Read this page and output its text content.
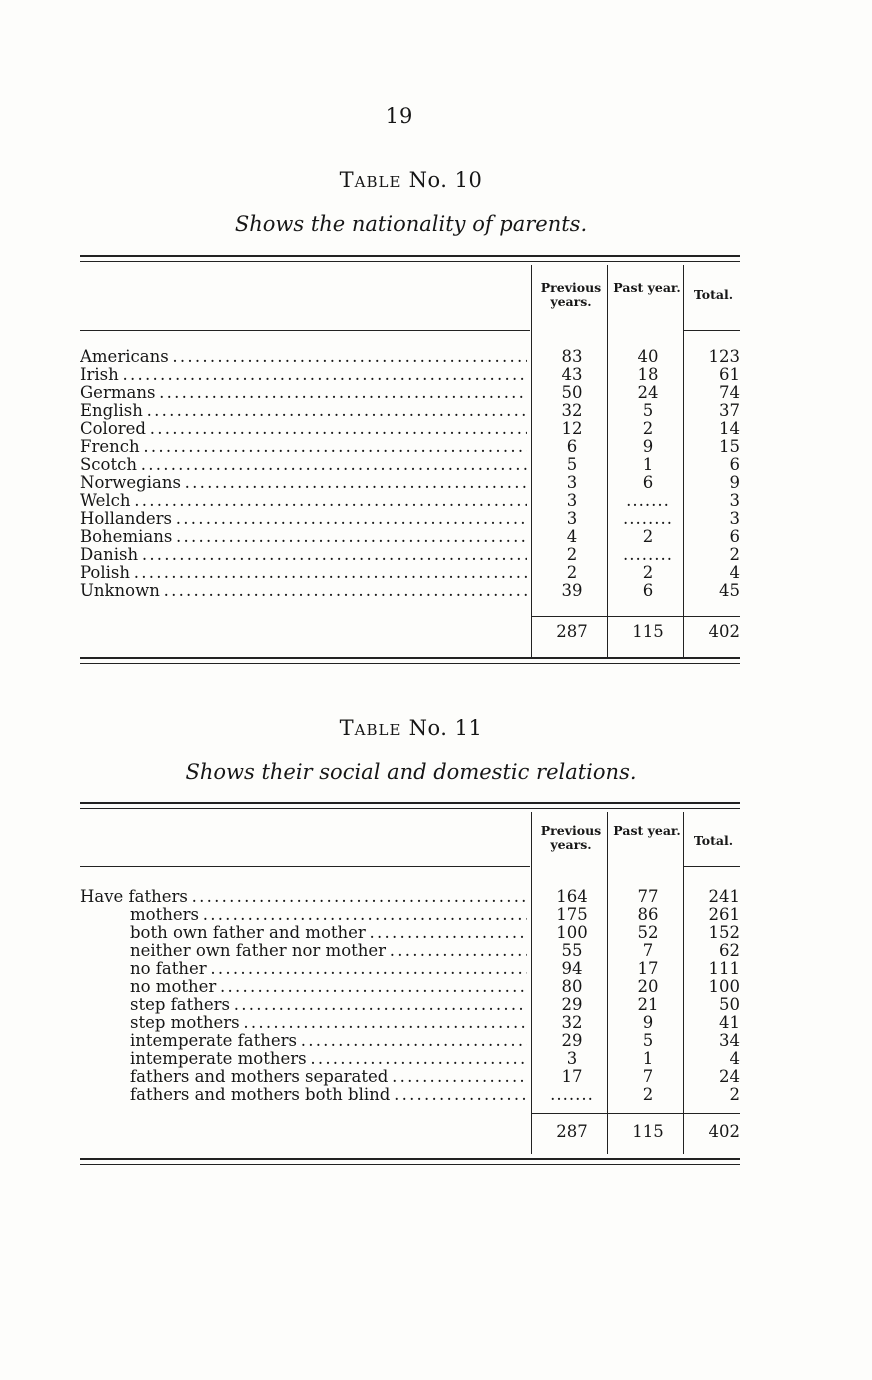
19
Table No. 10
Shows the nationality of parents.
Previous years.
Past year.	Total.
Americans . . .	83	40	123
Irish . . .	43	18	61
Germans . . .	50	24	74
English . . .	32	5	37
Colored . . .	12	2	14
French . . .	6	9	15
Scotch . . .	5	1	6
Norwegians . . .	3	6	9
Welch . . .	3	.......	3
Hollanders . . .	3	........	3
Bohemians . . .	4	2	6
Danish . . .	2	........	2
Polish . . .	2	2	4
Unknown . . .	39	6	45
287	115	402
Table No. 11
Shows their social and domestic relations.
Previous years.
Past year.
Total.
Have fathers . . .	164	77	241
mothers . . .	175	86	261
both own father and mother . . .	100	52	152
neither own father nor mother . . .	55	7	62
no father . . .	94	17	111
no mother . . .	80	20	100
step fathers . . .	29	21	50
step mothers . . .	32	9	41
intemperate fathers . . .	29	5	34
intemperate mothers . . .	3	1	4
fathers and mothers separated . . .	17	7	24
fathers and mothers both blind . . .	.......	2	2
287	115	402
